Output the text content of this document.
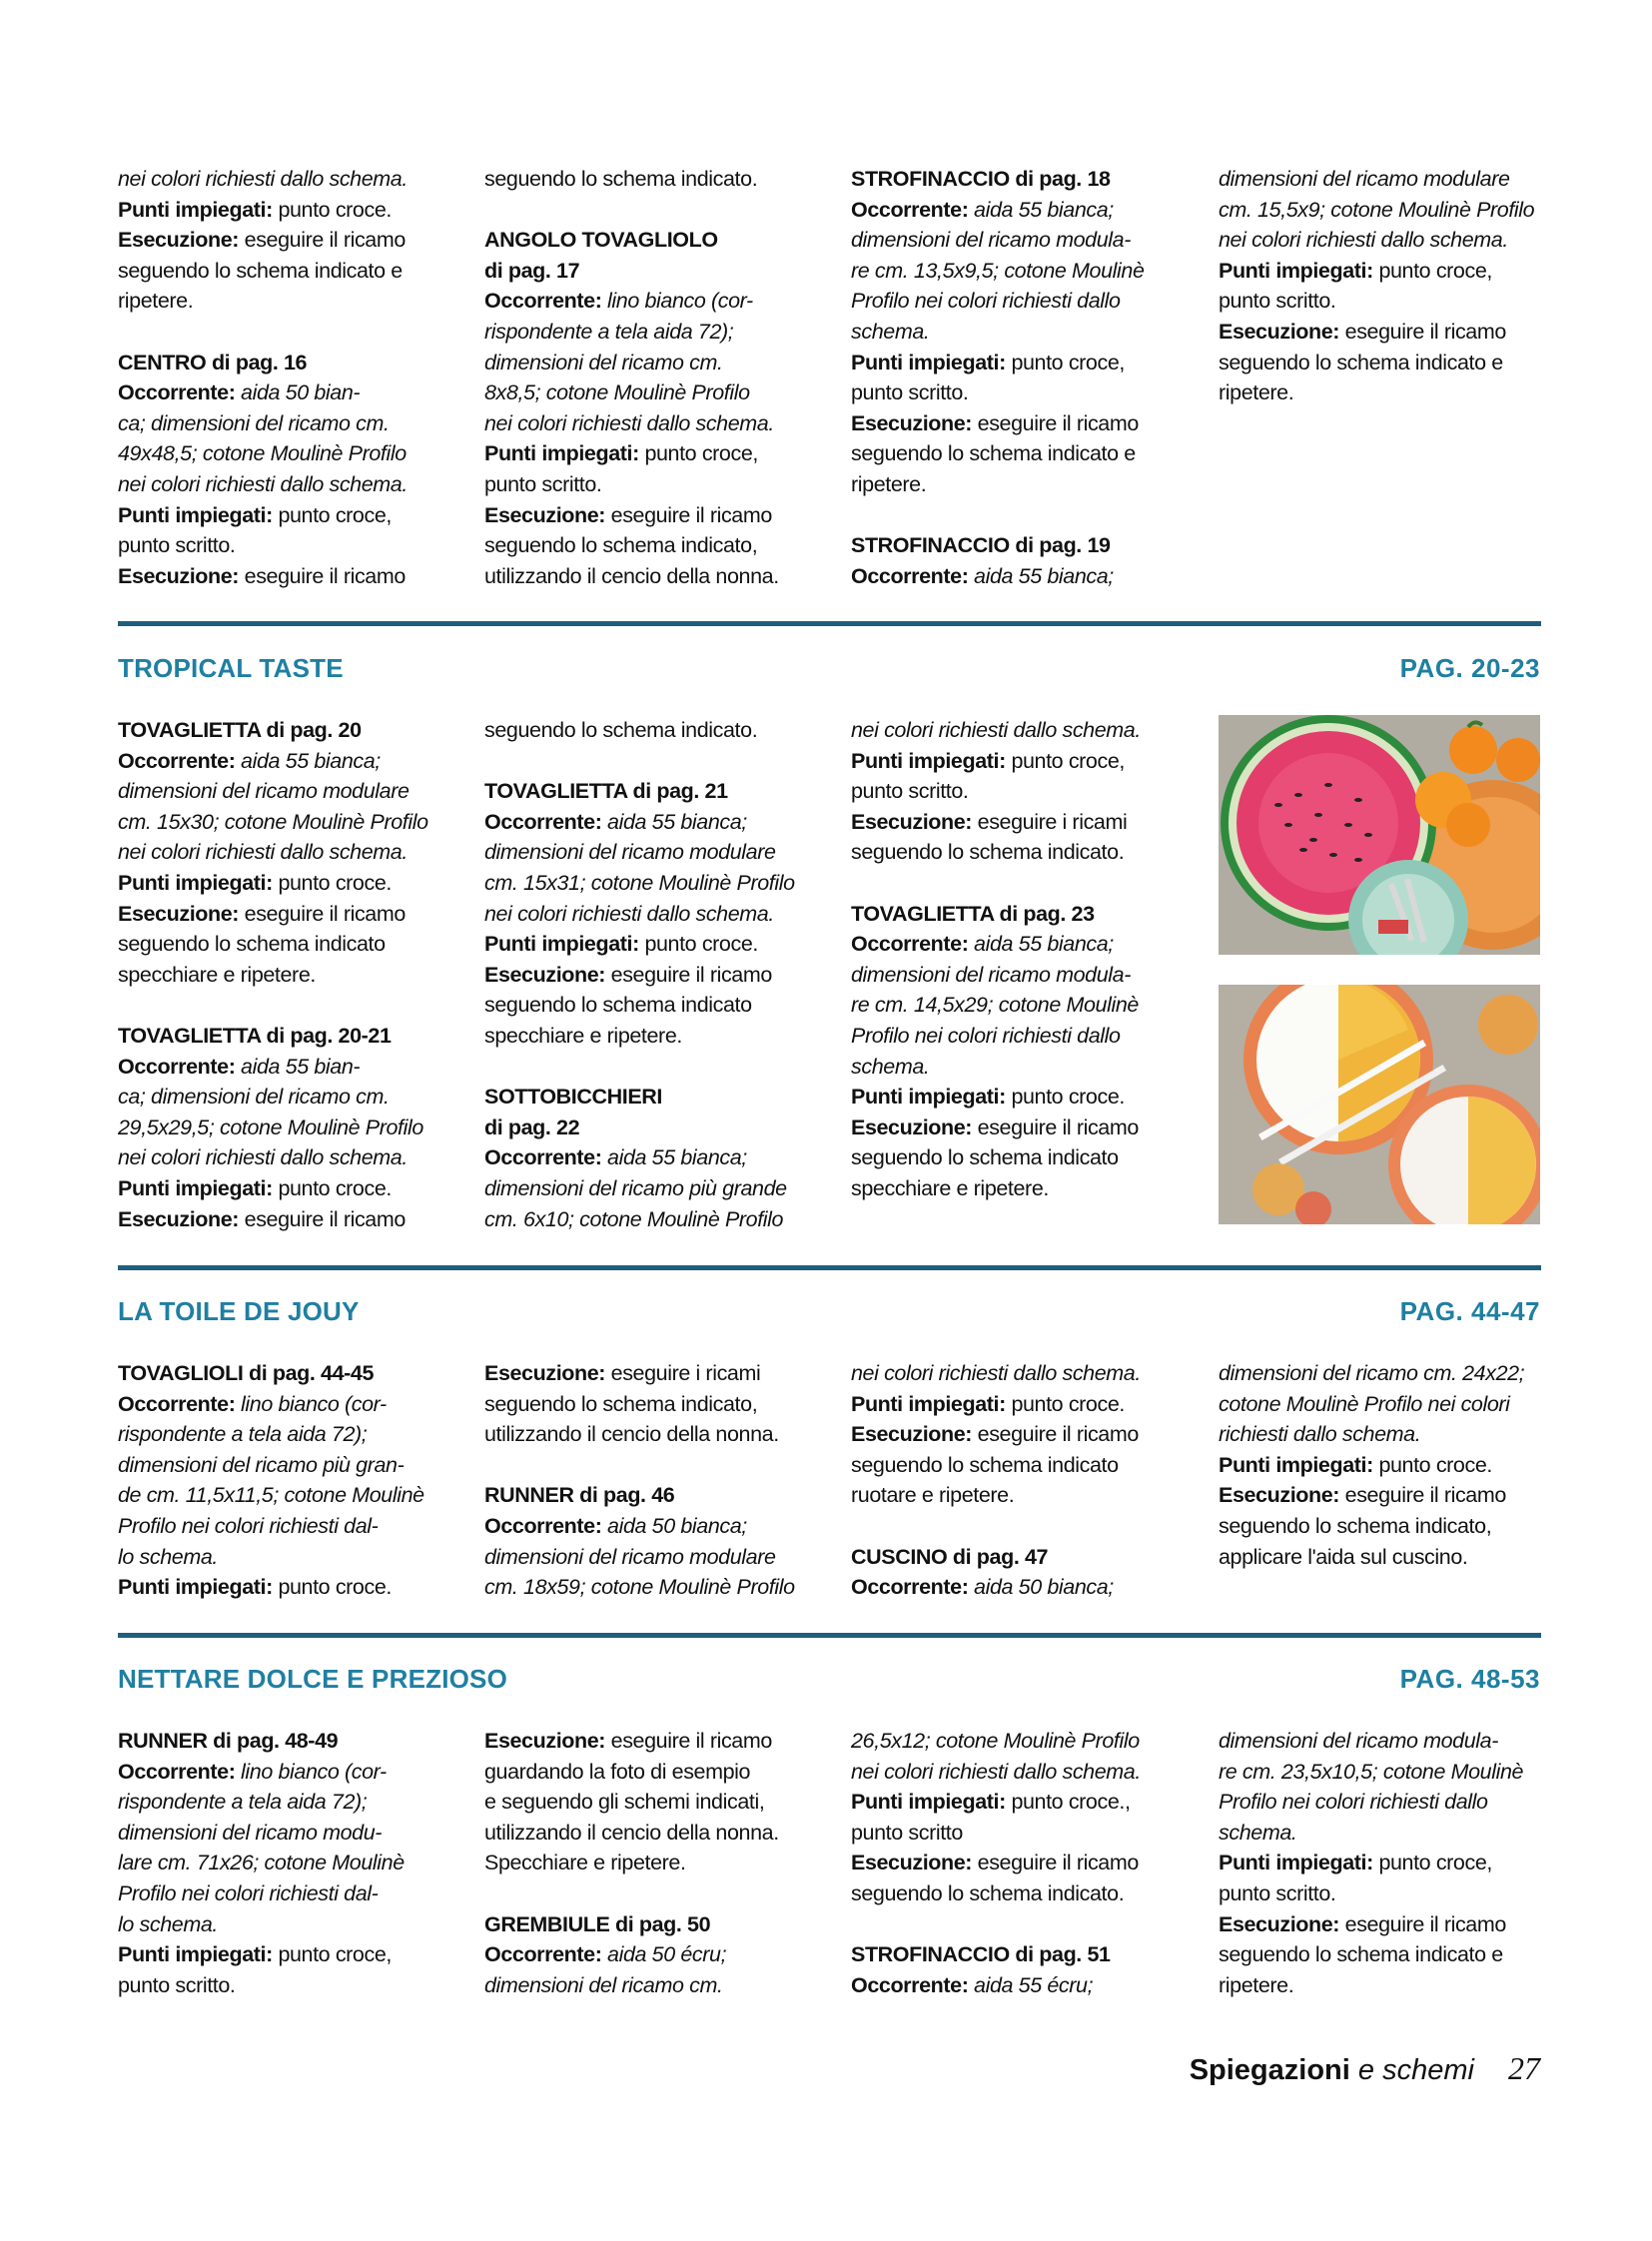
nei colori richiesti dallo schema.

Punti impiegati: punto croce.

Esecuzione: eseguire il ricamo

seguendo lo schema indicato e

ripetere.

CENTRO di pag. 16

Occorrente: aida 50 bian-

ca; dimensioni del ricamo cm.

49x48,5; cotone Moulinè Profilo

nei colori richiesti dallo schema.

Punti impiegati: punto croce,

punto scritto.

Esecuzione: eseguire il ricamo

seguendo lo schema indicato.

ANGOLO TOVAGLIOLO

di pag. 17

Occorrente: lino bianco (cor-

rispondente a tela aida 72);

dimensioni del ricamo cm.

8x8,5; cotone Moulinè Profilo

nei colori richiesti dallo schema.

Punti impiegati: punto croce,

punto scritto.

Esecuzione: eseguire il ricamo

seguendo lo schema indicato,

utilizzando il cencio della nonna.

STROFINACCIO di pag. 18

Occorrente: aida 55 bianca;

dimensioni del ricamo modula-

re cm. 13,5x9,5; cotone Moulinè

Profilo nei colori richiesti dallo

schema.

Punti impiegati: punto croce,

punto scritto.

Esecuzione: eseguire il ricamo

seguendo lo schema indicato e

ripetere.

STROFINACCIO di pag. 19

Occorrente: aida 55 bianca;

dimensioni del ricamo modulare

cm. 15,5x9; cotone Moulinè Profilo

nei colori richiesti dallo schema.

Punti impiegati: punto croce,

punto scritto.

Esecuzione: eseguire il ricamo

seguendo lo schema indicato e

ripetere.

TROPICAL TASTE	PAG. 20-23

TOVAGLIETTA di pag. 20

Occorrente: aida 55 bianca;

dimensioni del ricamo modulare

cm. 15x30; cotone Moulinè Profilo

nei colori richiesti dallo schema.

Punti impiegati: punto croce.

Esecuzione: eseguire il ricamo

seguendo lo schema indicato

specchiare e ripetere.

TOVAGLIETTA di pag. 20-21

Occorrente: aida 55 bian-

ca; dimensioni del ricamo cm.

29,5x29,5; cotone Moulinè Profilo

nei colori richiesti dallo schema.

Punti impiegati: punto croce.

Esecuzione: eseguire il ricamo

seguendo lo schema indicato.

TOVAGLIETTA di pag. 21

Occorrente: aida 55 bianca;

dimensioni del ricamo modulare

cm. 15x31; cotone Moulinè Profilo

nei colori richiesti dallo schema.

Punti impiegati: punto croce.

Esecuzione: eseguire il ricamo

seguendo lo schema indicato

specchiare e ripetere.

SOTTOBICCHIERI

di pag. 22

Occorrente: aida 55 bianca;

dimensioni del ricamo più grande

cm. 6x10; cotone Moulinè Profilo

nei colori richiesti dallo schema.

Punti impiegati: punto croce,

punto scritto.

Esecuzione: eseguire i ricami

seguendo lo schema indicato.

TOVAGLIETTA di pag. 23

Occorrente: aida 55 bianca;

dimensioni del ricamo modula-

re cm. 14,5x29; cotone Moulinè

Profilo nei colori richiesti dallo

schema.

Punti impiegati: punto croce.

Esecuzione: eseguire il ricamo

seguendo lo schema indicato

specchiare e ripetere.

LA TOILE DE JOUY	PAG. 44-47

TOVAGLIOLI di pag. 44-45

Occorrente: lino bianco (cor-

rispondente a tela aida 72);

dimensioni del ricamo più gran-

de cm. 11,5x11,5; cotone Moulinè

Profilo nei colori richiesti dal-

lo schema.

Punti impiegati: punto croce.

Esecuzione: eseguire i ricami

seguendo lo schema indicato,

utilizzando il cencio della nonna.

RUNNER di pag. 46

Occorrente: aida 50 bianca;

dimensioni del ricamo modulare

cm. 18x59; cotone Moulinè Profilo

nei colori richiesti dallo schema.

Punti impiegati: punto croce.

Esecuzione: eseguire il ricamo

seguendo lo schema indicato

ruotare e ripetere.

CUSCINO di pag. 47

Occorrente: aida 50 bianca;

dimensioni del ricamo cm. 24x22;

cotone Moulinè Profilo nei colori

richiesti dallo schema.

Punti impiegati: punto croce.

Esecuzione: eseguire il ricamo

seguendo lo schema indicato,

applicare l'aida sul cuscino.

NETTARE DOLCE E PREZIOSO	PAG. 48-53

RUNNER di pag. 48-49

Occorrente: lino bianco (cor-

rispondente a tela aida 72);

dimensioni del ricamo modu-

lare cm. 71x26; cotone Moulinè

Profilo nei colori richiesti dal-

lo schema.

Punti impiegati: punto croce,

punto scritto.

Esecuzione: eseguire il ricamo

guardando la foto di esempio

e seguendo gli schemi indicati,

utilizzando il cencio della nonna.

Specchiare e ripetere.

GREMBIULE di pag. 50

Occorrente: aida 50 écru;

dimensioni del ricamo cm.

26,5x12; cotone Moulinè Profilo

nei colori richiesti dallo schema.

Punti impiegati: punto croce.,

punto scritto

Esecuzione: eseguire il ricamo

seguendo lo schema indicato.

STROFINACCIO di pag. 51

Occorrente: aida 55 écru;

dimensioni del ricamo modula-

re cm. 23,5x10,5; cotone Moulinè

Profilo nei colori richiesti dallo

schema.

Punti impiegati: punto croce,

punto scritto.

Esecuzione: eseguire il ricamo

seguendo lo schema indicato e

ripetere.

Spiegazioni e schemi 27
